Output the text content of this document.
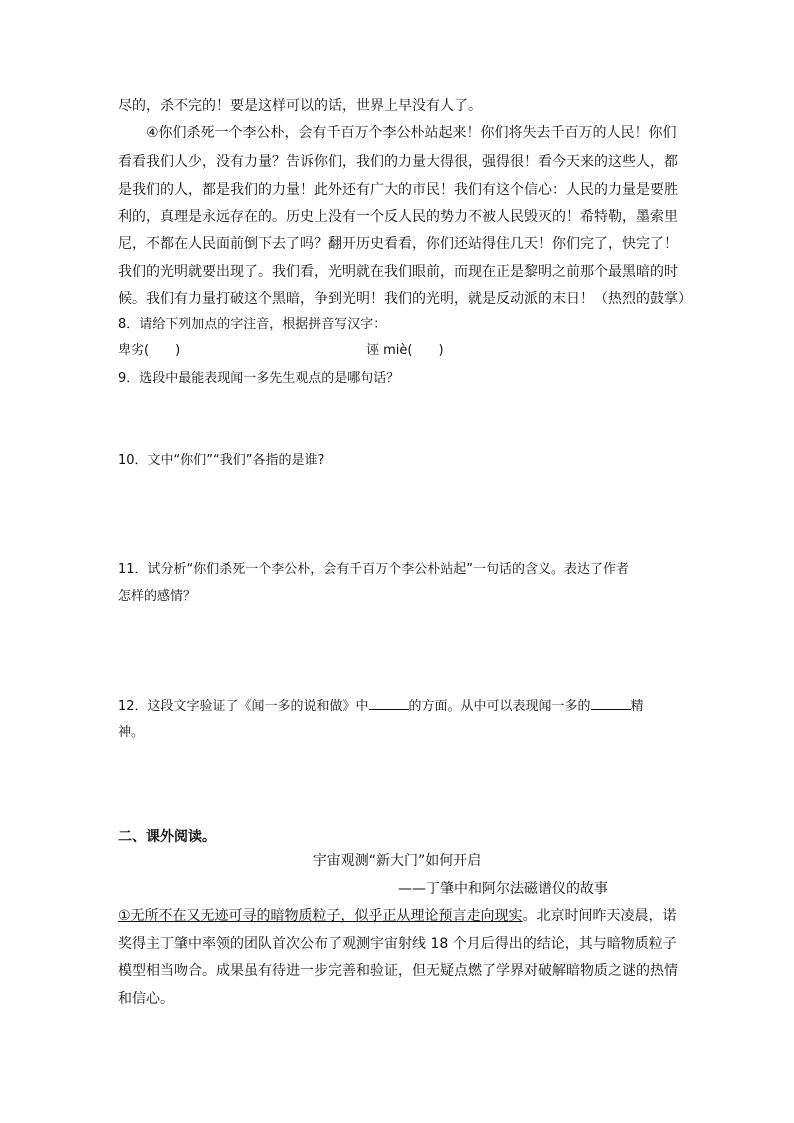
尽的，杀不完的！要是这样可以的话，世界上早没有人了。
④你们杀死一个李公朴，会有千百万个李公朴站起来！你们将失去千百万的人民！你们
看看我们人少，没有力量？告诉你们，我们的力量大得很，强得很！看今天来的这些人，都
是我们的人，都是我们的力量！此外还有广大的市民！我们有这个信心：人民的力量是要胜
利的，真理是永远存在的。历史上没有一个反人民的势力不被人民毁灭的！希特勒，墨索里
尼，不都在人民面前倒下去了吗？翻开历史看看，你们还站得住几天！你们完了，快完了！
我们的光明就要出现了。我们看，光明就在我们眼前，而现在正是黎明之前那个最黑暗的时
候。我们有力量打破这个黑暗，争到光明！我们的光明，就是反动派的末日！（热烈的鼓掌）
8．请给下列加点的字注音，根据拼音写汉字：
卑劣(　　)	诬 miè(　　)
9．选段中最能表现闻一多先生观点的是哪句话？
10．文中“你们”“我们”各指的是谁?
11．试分析“你们杀死一个李公朴，会有千百万个李公朴站起”一句话的含义。表达了作者
怎样的感情？
12．这段文字验证了《闻一多的说和做》中	的方面。从中可以表现闻一多的	精
神。
二、课外阅读。
宇宙观测“新大门”如何开启
——丁肇中和阿尔法磁谱仪的故事
①无所不在又无迹可寻的暗物质粒子，似乎正从理论预言走向现实。北京时间昨天凌晨，诺
奖得主丁肇中率领的团队首次公布了观测宇宙射线 18 个月后得出的结论，其与暗物质粒子
模型相当吻合。成果虽有待进一步完善和验证，但无疑点燃了学界对破解暗物质之谜的热情
和信心。
